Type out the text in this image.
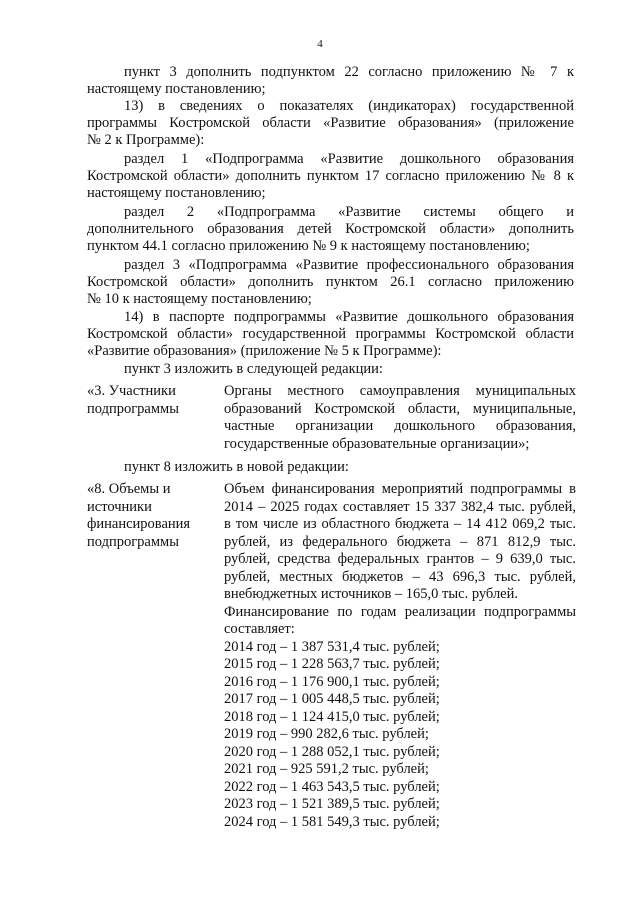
4
пункт 3 дополнить подпунктом 22 согласно приложению № 7 к
настоящему постановлению;
13) в сведениях о показателях (индикаторах) государственной
программы Костромской области «Развитие образования» (приложение
№ 2 к Программе):
раздел 1 «Подпрограмма «Развитие дошкольного образования
Костромской области» дополнить пунктом 17 согласно приложению № 8 к
настоящему постановлению;
раздел 2 «Подпрограмма «Развитие системы общего и
дополнительного образования детей Костромской области» дополнить
пунктом 44.1 согласно приложению № 9 к настоящему постановлению;
раздел 3 «Подпрограмма «Развитие профессионального образования
Костромской области» дополнить пунктом 26.1 согласно приложению
№ 10 к настоящему постановлению;
14) в паспорте подпрограммы «Развитие дошкольного образования
Костромской области» государственной программы Костромской области
«Развитие образования» (приложение № 5 к Программе):
пункт 3 изложить в следующей редакции:
«3. Участники
подпрограммы
Органы местного самоуправления муниципальных
образований Костромской области, муниципальные,
частные организации дошкольного образования,
государственные образовательные организации»;
пункт 8 изложить в новой редакции:
«8. Объемы и
источники
финансирования
подпрограммы
Объем финансирования мероприятий подпрограммы в
2014 – 2025 годах составляет 15 337 382,4 тыс. рублей,
в том числе из областного бюджета – 14 412 069,2 тыс.
рублей, из федерального бюджета – 871 812,9 тыс.
рублей, средства федеральных грантов – 9 639,0 тыс.
рублей, местных бюджетов – 43 696,3 тыс. рублей,
внебюджетных источников – 165,0 тыс. рублей.
Финансирование по годам реализации подпрограммы
составляет:
2014 год – 1 387 531,4 тыс. рублей;
2015 год – 1 228 563,7 тыс. рублей;
2016 год – 1 176 900,1 тыс. рублей;
2017 год – 1 005 448,5 тыс. рублей;
2018 год – 1 124 415,0 тыс. рублей;
2019 год – 990 282,6 тыс. рублей;
2020 год – 1 288 052,1 тыс. рублей;
2021 год – 925 591,2 тыс. рублей;
2022 год – 1 463 543,5 тыс. рублей;
2023 год – 1 521 389,5 тыс. рублей;
2024 год – 1 581 549,3 тыс. рублей;
